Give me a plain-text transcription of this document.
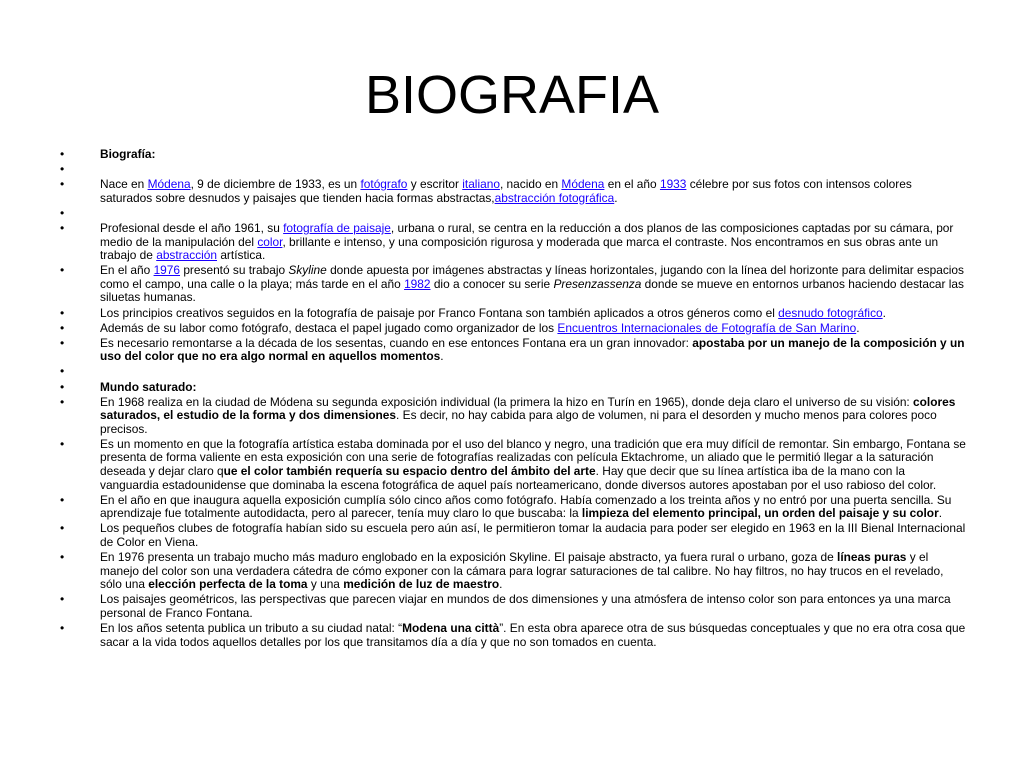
BIOGRAFIA
• Biografía:
•
• Nace en Módena, 9 de diciembre de 1933, es un fotógrafo y escritor italiano, nacido en Módena en el año 1933 célebre por sus fotos con intensos colores saturados sobre desnudos y paisajes que tienden hacia formas abstractas,abstracción fotográfica.
•
• Profesional desde el año 1961, su fotografía de paisaje, urbana o rural, se centra en la reducción a dos planos de las composiciones captadas por su cámara, por medio de la manipulación del color, brillante e intenso, y una composición rigurosa y moderada que marca el contraste. Nos encontramos en sus obras ante un trabajo de abstracción artística.
• En el año 1976 presentó su trabajo Skyline donde apuesta por imágenes abstractas y líneas horizontales, jugando con la línea del horizonte para delimitar espacios como el campo, una calle o la playa; más tarde en el año 1982 dio a conocer su serie Presenzassenza donde se mueve en entornos urbanos haciendo destacar las siluetas humanas.
• Los principios creativos seguidos en la fotografía de paisaje por Franco Fontana son también aplicados a otros géneros como el desnudo fotográfico.
• Además de su labor como fotógrafo, destaca el papel jugado como organizador de los Encuentros Internacionales de Fotografía de San Marino.
• Es necesario remontarse a la década de los sesentas, cuando en ese entonces Fontana era un gran innovador: apostaba por un manejo de la composición y un uso del color que no era algo normal en aquellos momentos.
•
• Mundo saturado:
• En 1968 realiza en la ciudad de Módena su segunda exposición individual (la primera la hizo en Turín en 1965), donde deja claro el universo de su visión: colores saturados, el estudio de la forma y dos dimensiones. Es decir, no hay cabida para algo de volumen, ni para el desorden y mucho menos para colores poco precisos.
• Es un momento en que la fotografía artística estaba dominada por el uso del blanco y negro, una tradición que era muy difícil de remontar. Sin embargo, Fontana se presenta de forma valiente en esta exposición con una serie de fotografías realizadas con película Ektachrome, un aliado que le permitió llegar a la saturación deseada y dejar claro que el color también requería su espacio dentro del ámbito del arte. Hay que decir que su línea artística iba de la mano con la vanguardia estadounidense que dominaba la escena fotográfica de aquel país norteamericano, donde diversos autores apostaban por el uso rabioso del color.
• En el año en que inaugura aquella exposición cumplía sólo cinco años como fotógrafo. Había comenzado a los treinta años y no entró por una puerta sencilla. Su aprendizaje fue totalmente autodidacta, pero al parecer, tenía muy claro lo que buscaba: la limpieza del elemento principal, un orden del paisaje y su color.
• Los pequeños clubes de fotografía habían sido su escuela pero aún así, le permitieron tomar la audacia para poder ser elegido en 1963 en la III Bienal Internacional de Color en Viena.
• En 1976 presenta un trabajo mucho más maduro englobado en la exposición Skyline. El paisaje abstracto, ya fuera rural o urbano, goza de líneas puras y el manejo del color son una verdadera cátedra de cómo exponer con la cámara para lograr saturaciones de tal calibre. No hay filtros, no hay trucos en el revelado, sólo una elección perfecta de la toma y una medición de luz de maestro.
• Los paisajes geométricos, las perspectivas que parecen viajar en mundos de dos dimensiones y una atmósfera de intenso color son para entonces ya una marca personal de Franco Fontana.
• En los años setenta publica un tributo a su ciudad natal: “Modena una città”. En esta obra aparece otra de sus búsquedas conceptuales y que no era otra cosa que sacar a la vida todos aquellos detalles por los que transitamos día a día y que no son tomados en cuenta.
